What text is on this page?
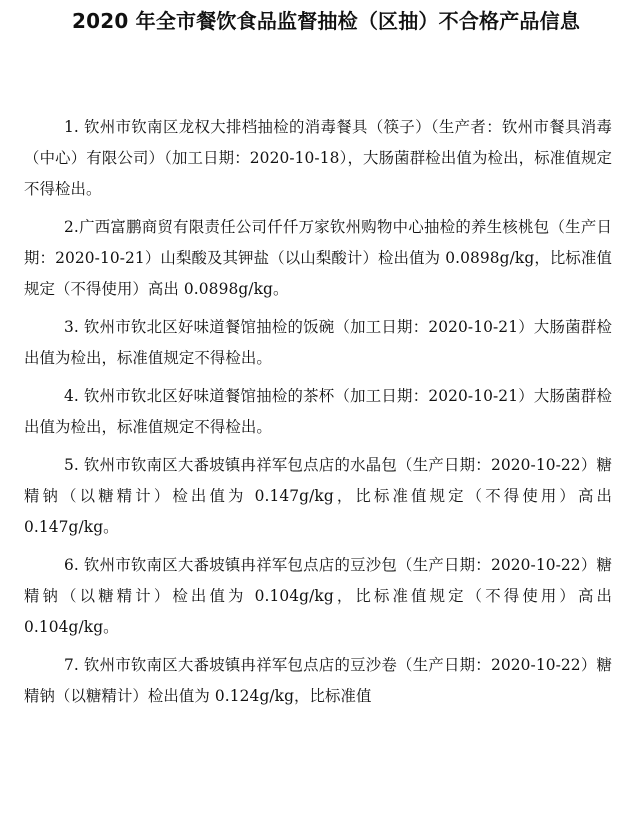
2020 年全市餐饮食品监督抽检（区抽）不合格产品信息

1. 钦州市钦南区龙权大排档抽检的消毒餐具（筷子）（生产者：钦州市餐具消毒（中心）有限公司）（加工日期：2020-10-18），大肠菌群检出值为检出，标准值规定不得检出。

2.广西富鹏商贸有限责任公司仟仟万家钦州购物中心抽检的养生核桃包（生产日期：2020-10-21）山梨酸及其钾盐（以山梨酸计）检出值为 0.0898g/kg，比标准值规定（不得使用）高出 0.0898g/kg。

3. 钦州市钦北区好味道餐馆抽检的饭碗（加工日期：2020-10-21）大肠菌群检出值为检出，标准值规定不得检出。

4. 钦州市钦北区好味道餐馆抽检的茶杯（加工日期：2020-10-21）大肠菌群检出值为检出，标准值规定不得检出。

5. 钦州市钦南区大番坡镇冉祥军包点店的水晶包（生产日期：2020-10-22）糖精钠（以糖精计）检出值为 0.147g/kg，比标准值规定（不得使用）高出 0.147g/kg。

6. 钦州市钦南区大番坡镇冉祥军包点店的豆沙包（生产日期：2020-10-22）糖精钠（以糖精计）检出值为 0.104g/kg，比标准值规定（不得使用）高出 0.104g/kg。

7. 钦州市钦南区大番坡镇冉祥军包点店的豆沙卷（生产日期：2020-10-22）糖精钠（以糖精计）检出值为 0.124g/kg，比标准值
